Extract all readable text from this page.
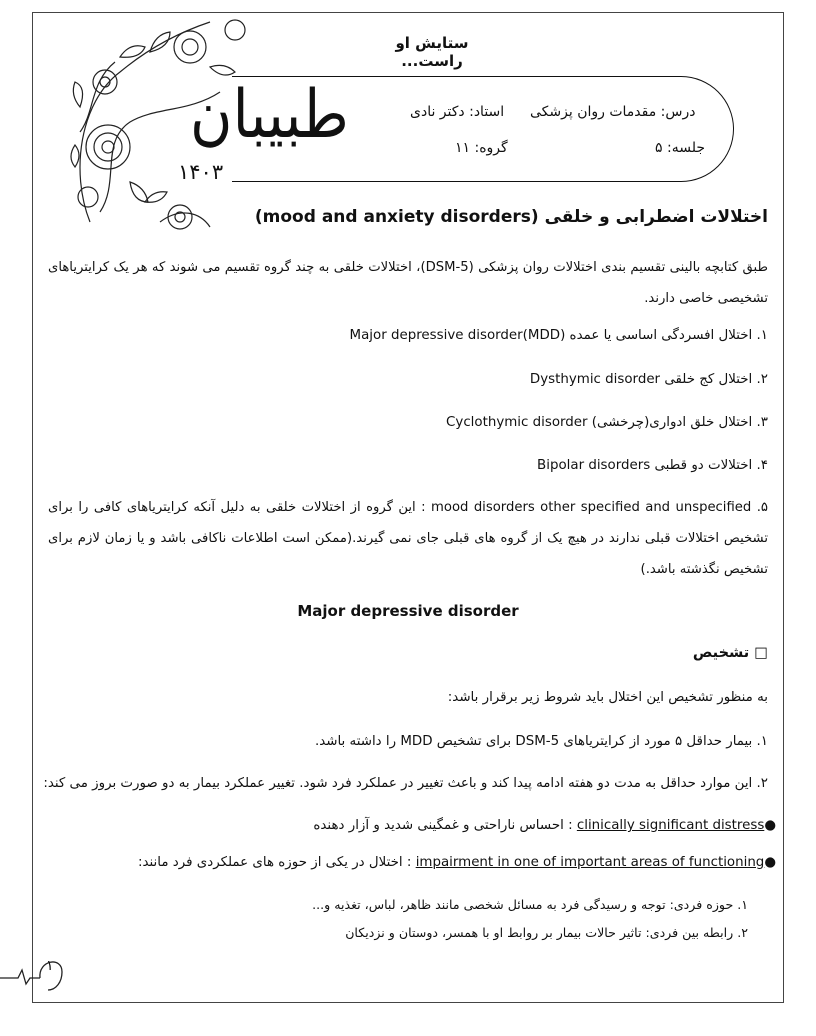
ستایش او راست...
درس: مقدمات روان پزشکی
استاد: دکتر نادی
جلسه: ۵
گروه: ۱۱
طبیبان
۱۴۰۳
اختلالات اضطرابی و خلقی (mood and anxiety disorders)
طبق کتابچه بالینی تقسیم بندی اختلالات روان پزشکی (DSM-5)، اختلالات خلقی به چند گروه تقسیم می شوند که هر یک کرایتریاهای تشخیصی خاصی دارند.
۱. اختلال افسردگی اساسی یا عمده (Major depressive disorder(MDD
۲. اختلال کج خلقی Dysthymic disorder
۳. اختلال خلق ادواری(چرخشی) Cyclothymic disorder
۴. اختلالات دو قطبی Bipolar disorders
۵. mood disorders other specified and unspecified : این گروه از اختلالات خلقی به دلیل آنکه کرایتریاهای کافی را برای تشخیص اختلالات قبلی ندارند در هیچ یک از گروه های قبلی جای نمی گیرند.(ممکن است اطلاعات ناکافی باشد و یا زمان لازم برای تشخیص نگذشته باشد.)
Major depressive disorder
□ تشخیص
به منظور تشخیص این اختلال باید شروط زیر برقرار باشد:
۱. بیمار حداقل ۵ مورد از کرایتریاهای DSM-5 برای تشخیص MDD را داشته باشد.
۲. این موارد حداقل به مدت دو هفته ادامه پیدا کند و باعث تغییر در عملکرد فرد شود. تغییر عملکرد بیمار به دو صورت بروز می کند:
●clinically significant distress : احساس ناراحتی و غمگینی شدید و آزار دهنده
●impairment in one of important areas of functioning : اختلال در یکی از حوزه های عملکردی فرد مانند:
۱. حوزه فردی: توجه و رسیدگی فرد به مسائل شخصی مانند ظاهر، لباس، تغذیه و...
۲. رابطه بین فردی: تاثیر حالات بیمار بر روابط او با همسر، دوستان و نزدیکان
۱
